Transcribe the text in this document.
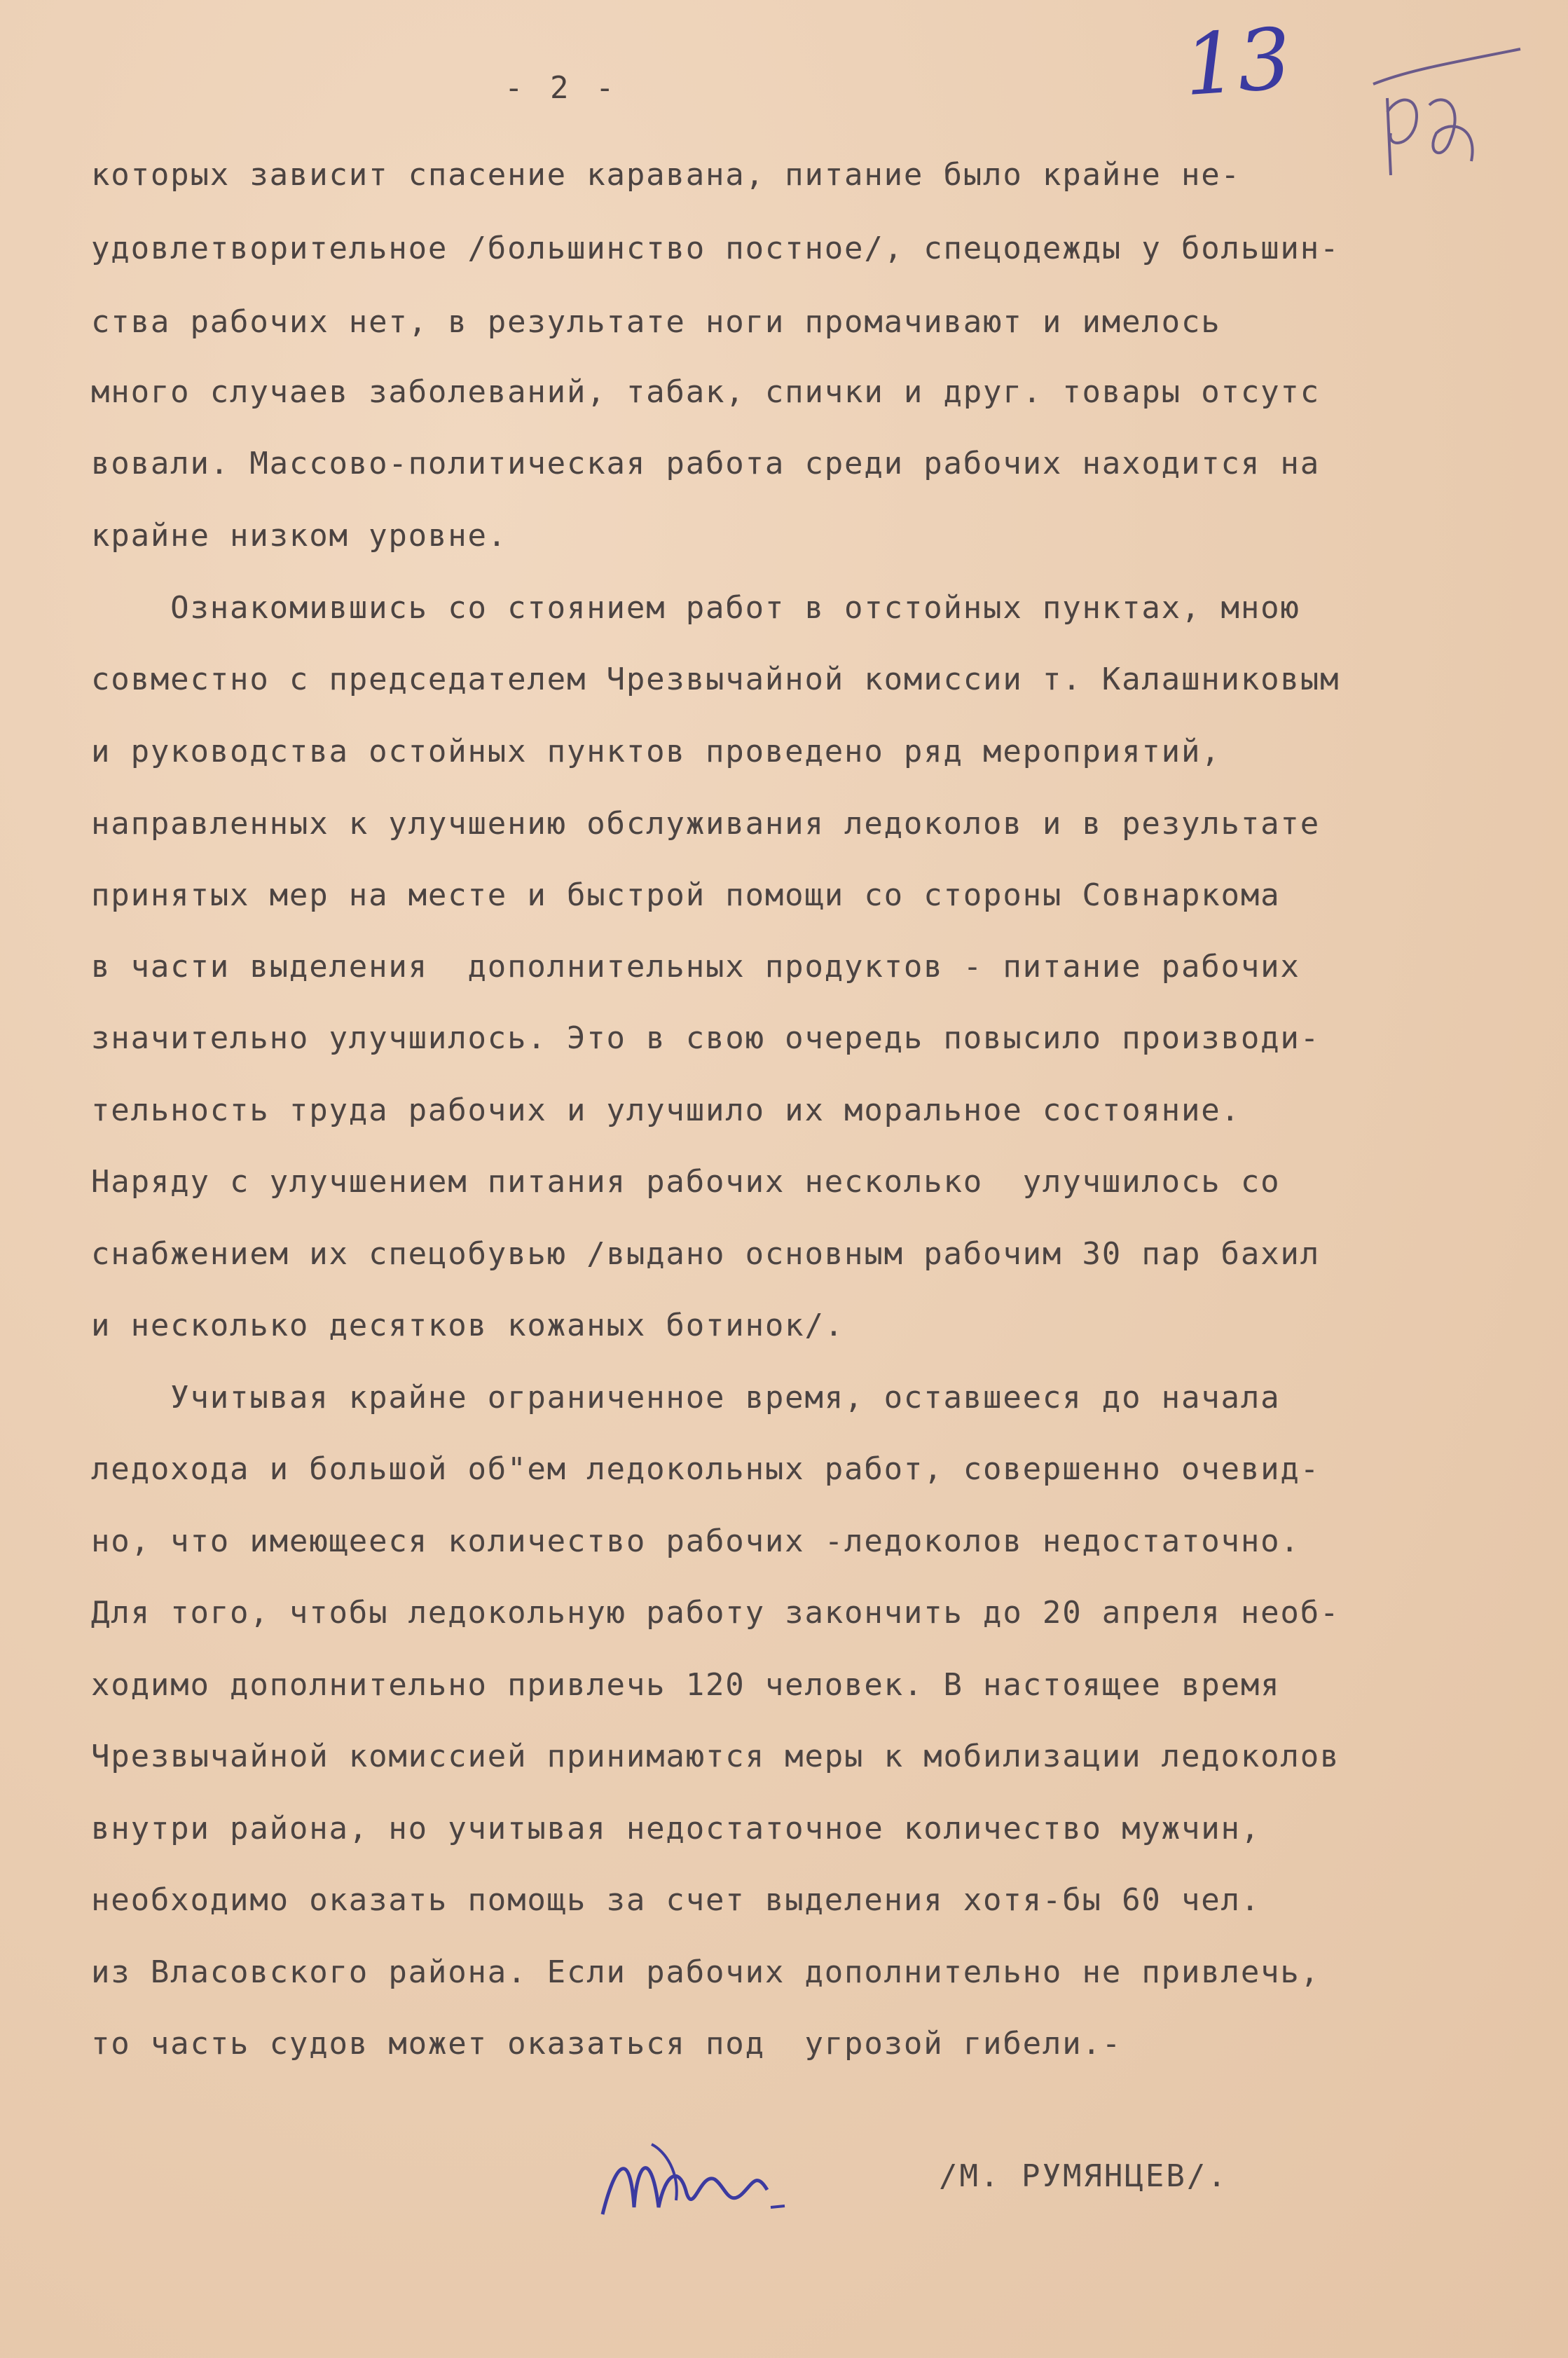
- 2 -	13
которых зависит спасение каравана, питание было крайне не-
удовлетворительное /большинство постное/, спецодежды у большин-
ства рабочих нет, в результате ноги промачивают и имелось
много случаев заболеваний, табак, спички и друг. товары отсутс
вовали. Массово-политическая работа среди рабочих находится на
крайне низком уровне.
Ознакомившись со стоянием работ в отстойных пунктах, мною
совместно с председателем Чрезвычайной комиссии т. Калашниковым
и руководства остойных пунктов проведено ряд мероприятий,
направленных к улучшению обслуживания ледоколов и в результате
принятых мер на месте и быстрой помощи со стороны Совнаркома
в части выделения  дополнительных продуктов - питание рабочих
значительно улучшилось. Это в свою очередь повысило производи-
тельность труда рабочих и улучшило их моральное состояние.
Наряду с улучшением питания рабочих несколько  улучшилось со
снабжением их спецобувью /выдано основным рабочим 30 пар бахил
и несколько десятков кожаных ботинок/.
Учитывая крайне ограниченное время, оставшееся до начала
ледохода и большой об"ем ледокольных работ, совершенно очевид-
но, что имеющееся количество рабочих -ледоколов недостаточно.
Для того, чтобы ледокольную работу закончить до 20 апреля необ-
ходимо дополнительно привлечь 120 человек. В настоящее время
Чрезвычайной комиссией принимаются меры к мобилизации ледоколов
внутри района, но учитывая недостаточное количество мужчин,
необходимо оказать помощь за счет выделения хотя-бы 60 чел.
из Власовского района. Если рабочих дополнительно не привлечь,
то часть судов может оказаться под  угрозой гибели.-
/М. РУМЯНЦЕВ/.
